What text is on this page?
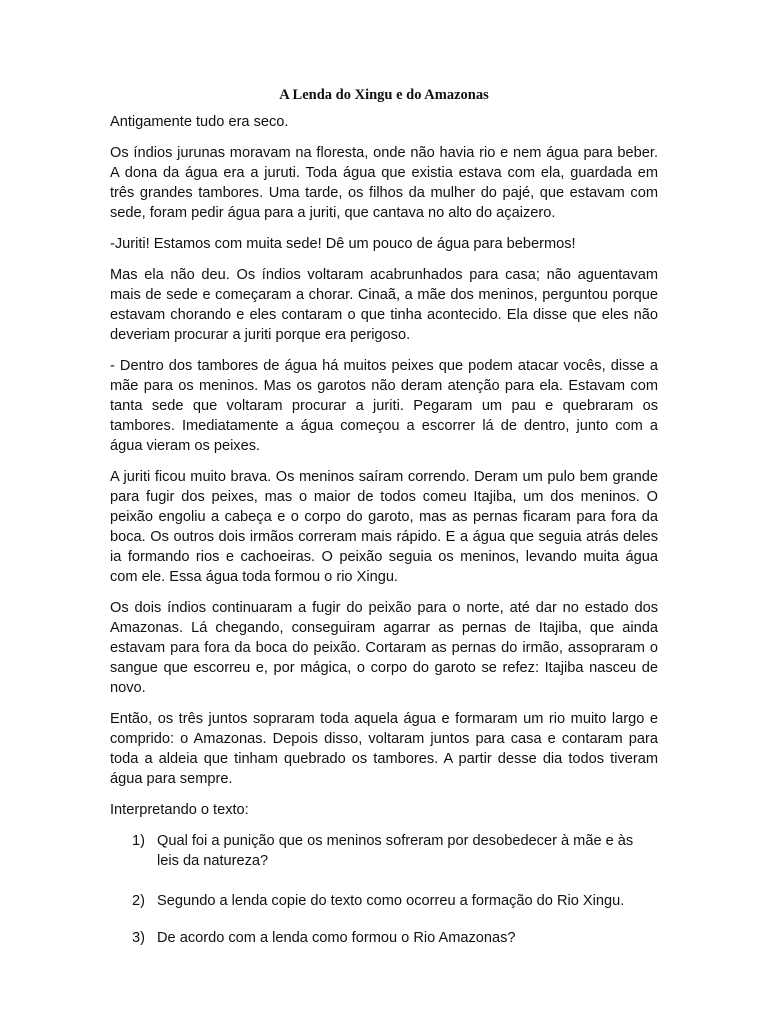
A Lenda do Xingu e do Amazonas

Antigamente tudo era seco.

Os índios jurunas moravam na floresta, onde não havia rio e nem água para beber. A dona da água era a juruti. Toda água que existia estava com ela, guardada em três grandes tambores. Uma tarde, os filhos da mulher do pajé, que estavam com sede, foram pedir água para a juriti, que cantava no alto do açaizero.

-Juriti! Estamos com muita sede! Dê um pouco de água para bebermos!

Mas ela não deu. Os índios voltaram acabrunhados para casa; não aguentavam mais de sede e começaram a chorar. Cinaã, a mãe dos meninos, perguntou porque estavam chorando e eles contaram o que tinha acontecido. Ela disse que eles não deveriam procurar a juriti porque era perigoso.

- Dentro dos tambores de água há muitos peixes que podem atacar vocês, disse a mãe para os meninos. Mas os garotos não deram atenção para ela. Estavam com tanta sede que voltaram procurar a juriti. Pegaram um pau e quebraram os tambores. Imediatamente a água começou a escorrer lá de dentro, junto com a água vieram os peixes.

A juriti ficou muito brava. Os meninos saíram correndo. Deram um pulo bem grande para fugir dos peixes, mas o maior de todos comeu Itajiba, um dos meninos. O peixão engoliu a cabeça e o corpo do garoto, mas as pernas ficaram para fora da boca. Os outros dois irmãos correram mais rápido. E a água que seguia atrás deles ia formando rios e cachoeiras. O peixão seguia os meninos, levando muita água com ele. Essa água toda formou o rio Xingu.

Os dois índios continuaram a fugir do peixão para o norte, até dar no estado dos Amazonas. Lá chegando, conseguiram agarrar as pernas de Itajiba, que ainda estavam para fora da boca do peixão. Cortaram as pernas do irmão, assopraram o sangue que escorreu e, por mágica, o corpo do garoto se refez: Itajiba nasceu de novo.

Então, os três juntos sopraram toda aquela água e formaram um rio muito largo e comprido: o Amazonas. Depois disso, voltaram juntos para casa e contaram para toda a aldeia que tinham quebrado os tambores. A partir desse dia todos tiveram água para sempre.

Interpretando o texto:

1) Qual foi a punição que os meninos sofreram por desobedecer à mãe e às leis da natureza?
2) Segundo a lenda copie do texto como ocorreu a formação do Rio Xingu.
3) De acordo com a lenda como formou o Rio Amazonas?
